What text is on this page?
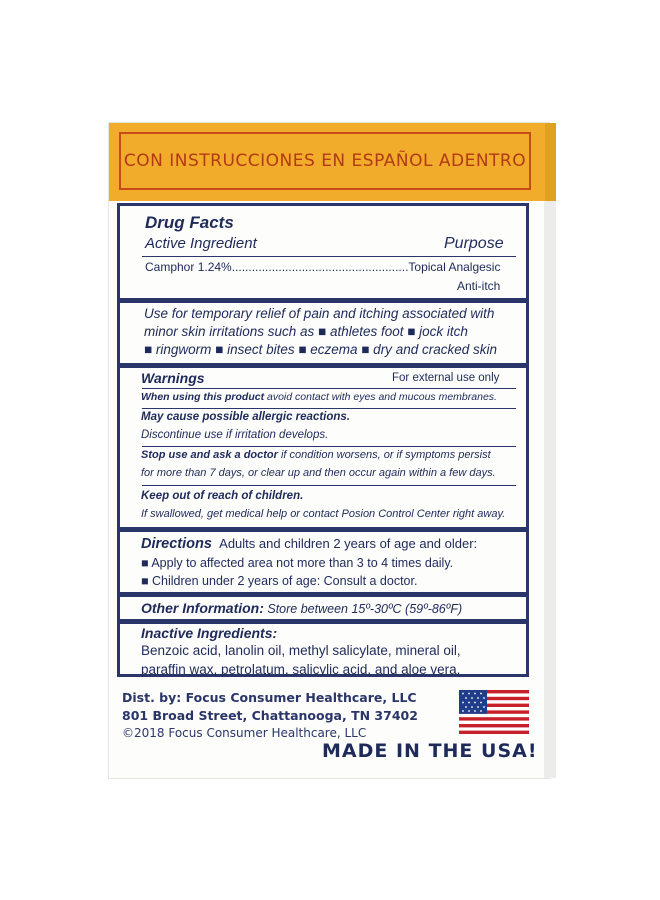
CON INSTRUCCIONES EN ESPAÑOL ADENTRO
Drug Facts
Active Ingredient	Purpose
Camphor 1.24%.....................................................Topical Analgesic
Anti-itch
Use for temporary relief of pain and itching associated with
minor skin irritations such as ■ athletes foot ■ jock itch
■ ringworm ■ insect bites ■ eczema ■ dry and cracked skin
Warnings	For external use only
When using this product avoid contact with eyes and mucous membranes.
May cause possible allergic reactions.
Discontinue use if irritation develops.
Stop use and ask a doctor if condition worsens, or if symptoms persist
for more than 7 days, or clear up and then occur again within a few days.
Keep out of reach of children.
If swallowed, get medical help or contact Posion Control Center right away.
Directions Adults and children 2 years of age and older:
■ Apply to affected area not more than 3 to 4 times daily.
■ Children under 2 years of age: Consult a doctor.
Other Information: Store between 15º-30ºC (59º-86ºF)
Inactive Ingredients:
Benzoic acid, lanolin oil, methyl salicylate, mineral oil,
paraffin wax, petrolatum, salicylic acid, and aloe vera.
Dist. by: Focus Consumer Healthcare, LLC
801 Broad Street, Chattanooga, TN 37402
©2018 Focus Consumer Healthcare, LLC
MADE IN THE USA!
